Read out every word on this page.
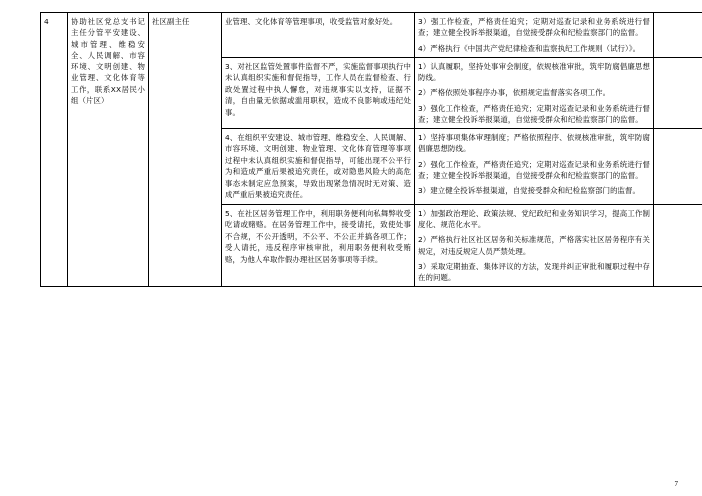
4	协助社区党总支书记主任分管平安建设、城市管理、维稳安全、人民调解、市容环境、文明创建、物业管理、文化体育等工作，联系XX居民小组（片区）	社区副主任	业管理、文化体育等管理事项，收受监管对象好处。	3）强工作检查，严格责任追究；定期对巡查记录和业务系统进行督查；建立健全投诉举报渠道，自觉接受群众和纪检监察部门的监督。
4）严格执行《中国共产党纪律检查和监察执纪工作规则（试行）》。	

			3、对社区监管处置事件监督不严，实施监督事项执行中未认真组织实施和督促指导，工作人员在监督检查、行政处置过程中执人懈怠，对违规事实以支持，证据不清，自由量无依据或滥用职权，造成不良影响或违纪处事。	1）认真履职，坚持处事审会制度，依规核准审批，筑牢防腐倡廉思想防线。
2）严格依照处事程序办事，依照规定监督落实各项工作。
3）强化工作检查，严格责任追究；定期对巡查记录和业务系统进行督查；建立健全投诉举报渠道，自觉接受群众和纪检监察部门的监督。	

			4、在组织平安建设、城市管理、维稳安全、人民调解、市容环境、文明创建、物业管理、文化体育管理等事项过程中未认真组织实施和督促指导，可能出现不公平行为和造成严重后果被追究责任，或对隐患风险大的高危事态未制定应急预案，导致出现紧急情况时无对策、造成严重后果被追究责任。	1）坚持事项集体审理制度；严格依照程序、依规核准审批，筑牢防腐倡廉思想防线。
2）强化工作检查，严格责任追究；定期对巡查记录和业务系统进行督查；建立健全投诉举报渠道，自觉接受群众和纪检监察部门的监督。
3）建立健全投诉举报渠道，自觉接受群众和纪检监察部门的监督。	

			5、在社区居务管理工作中，利用职务便利向私舞弊收受吃请或赌赂。在居务管理工作中，接受请托，致使处事不合规，不公开透明，不公平、不公正并搞各项工作；受人请托，违反程序审核审批，利用职务便利收受贿赂，为他人牟取作假办理社区居务事项等手续。	1）加强政治理论、政策法规、党纪政纪和业务知识学习，提高工作制度化、规范化水平。
2）严格执行社区社区居务和关标准规范，严格落实社区居务程序有关规定，对违反规定人员严禁处理。
3）采取定期抽查、集体评议的方法，发现并纠正审批和履职过程中存在的问题。	

7
